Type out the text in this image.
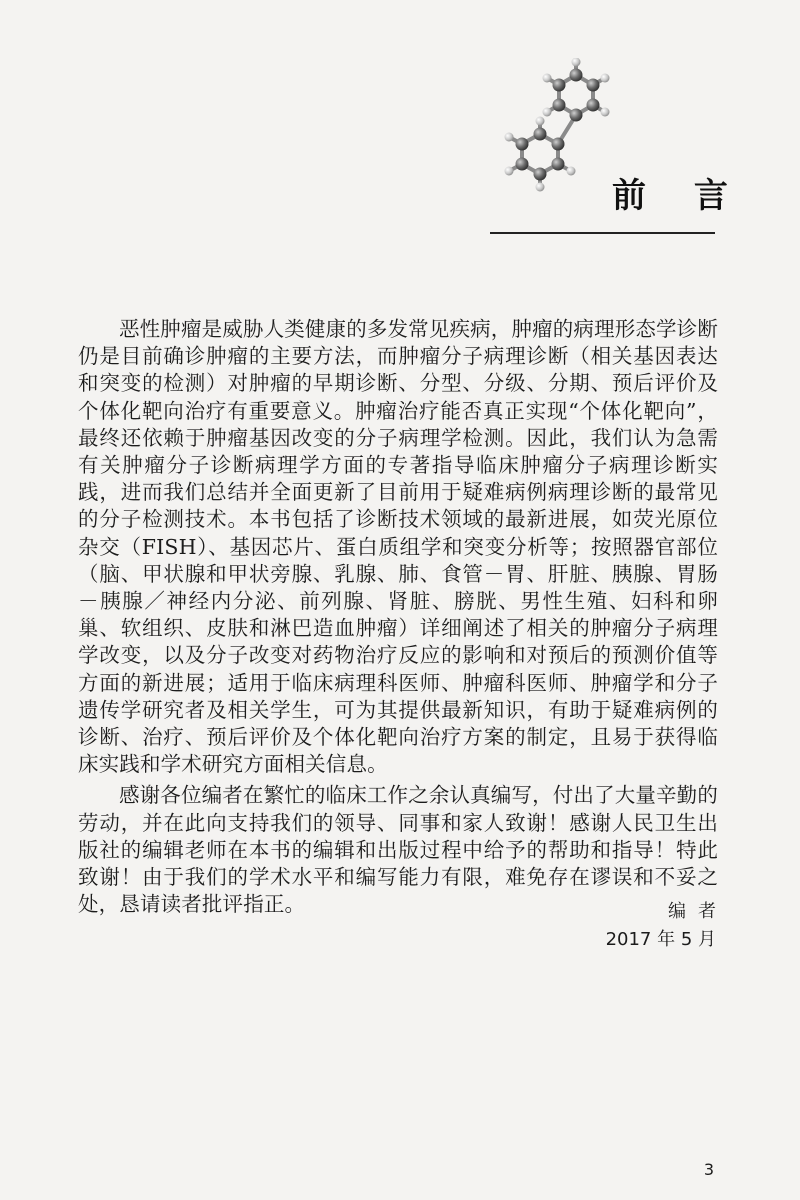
前 言

恶性肿瘤是威胁人类健康的多发常见疾病，肿瘤的病理形态学诊断仍是目前确诊肿瘤的主要方法，而肿瘤分子病理诊断（相关基因表达和突变的检测）对肿瘤的早期诊断、分型、分级、分期、预后评价及个体化靶向治疗有重要意义。肿瘤治疗能否真正实现“个体化靶向”，最终还依赖于肿瘤基因改变的分子病理学检测。因此，我们认为急需有关肿瘤分子诊断病理学方面的专著指导临床肿瘤分子病理诊断实践，进而我们总结并全面更新了目前用于疑难病例病理诊断的最常见的分子检测技术。本书包括了诊断技术领域的最新进展，如荧光原位杂交（FISH）、基因芯片、蛋白质组学和突变分析等；按照器官部位（脑、甲状腺和甲状旁腺、乳腺、肺、食管－胃、肝脏、胰腺、胃肠－胰腺／神经内分泌、前列腺、肾脏、膀胱、男性生殖、妇科和卵巢、软组织、皮肤和淋巴造血肿瘤）详细阐述了相关的肿瘤分子病理学改变，以及分子改变对药物治疗反应的影响和对预后的预测价值等方面的新进展；适用于临床病理科医师、肿瘤科医师、肿瘤学和分子遗传学研究者及相关学生，可为其提供最新知识，有助于疑难病例的诊断、治疗、预后评价及个体化靶向治疗方案的制定，且易于获得临床实践和学术研究方面相关信息。

感谢各位编者在繁忙的临床工作之余认真编写，付出了大量辛勤的劳动，并在此向支持我们的领导、同事和家人致谢！感谢人民卫生出版社的编辑老师在本书的编辑和出版过程中给予的帮助和指导！特此致谢！由于我们的学术水平和编写能力有限，难免存在谬误和不妥之处，恳请读者批评指正。	编者
2017 年 5 月
3
